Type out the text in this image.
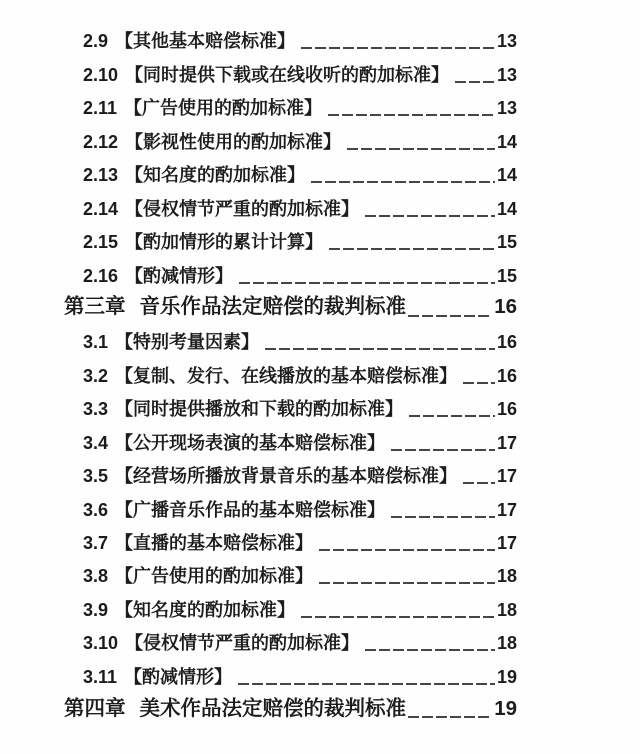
2.9 【其他基本赔偿标准】	13
2.10 【同时提供下载或在线收听的酌加标准】	13
2.11 【广告使用的酌加标准】	13
2.12 【影视性使用的酌加标准】	14
2.13 【知名度的酌加标准】	14
2.14 【侵权情节严重的酌加标准】	14
2.15 【酌加情形的累计计算】	15
2.16 【酌减情形】	15
第三章 音乐作品法定赔偿的裁判标准	16
3.1 【特别考量因素】	16
3.2 【复制、发行、在线播放的基本赔偿标准】 16
3.3 【同时提供播放和下载的酌加标准】	16
3.4 【公开现场表演的基本赔偿标准】	17
3.5 【经营场所播放背景音乐的基本赔偿标准】 17
3.6 【广播音乐作品的基本赔偿标准】	17
3.7 【直播的基本赔偿标准】	17
3.8 【广告使用的酌加标准】	18
3.9 【知名度的酌加标准】	18
3.10 【侵权情节严重的酌加标准】	18
3.11 【酌减情形】	19
第四章 美术作品法定赔偿的裁判标准	19
